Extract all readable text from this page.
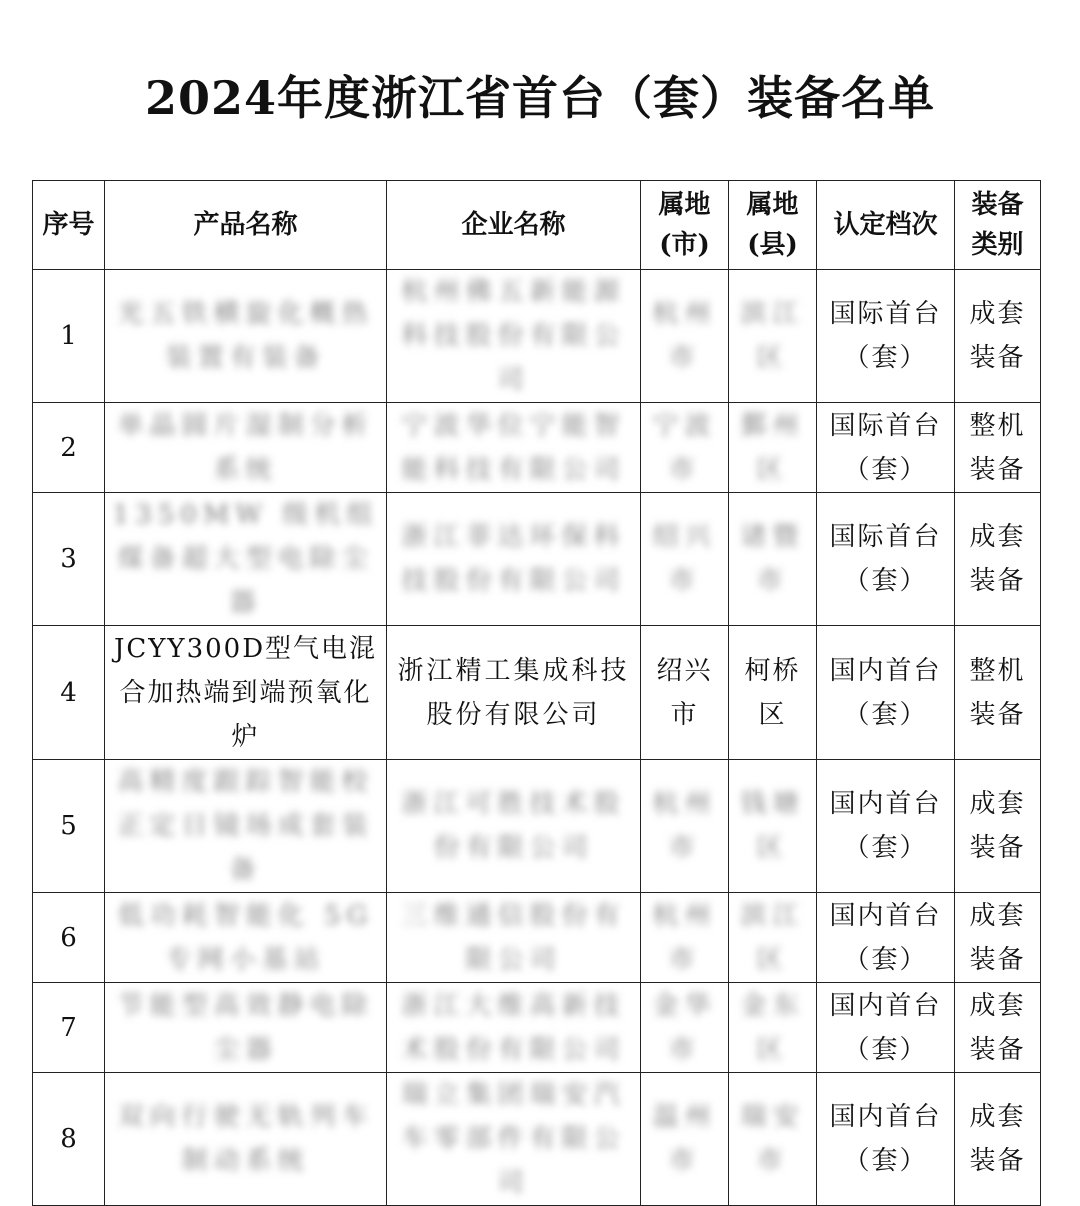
2024年度浙江省首台（套）装备名单
序号	产品名称	企业名称	属地(市)	属地(县)	认定档次	装备类别
1	光五铁横旋化概热装置有装备	杭州佛五新能源科技股份有限公司	杭州市	滨江区	国际首台（套）	成套装备
2	单晶圆片湿制分析系统	宁波华位宁能智能科技有限公司	宁波市	鄞州区	国际首台（套）	整机装备
3	1350MW 级机组煤备超大型电除尘器	浙江菲达环保科技股份有限公司	绍兴市	诸暨市	国际首台（套）	成套装备
4	JCYY300D型气电混合加热端到端预氧化炉	浙江精工集成科技股份有限公司	绍兴市	柯桥区	国内首台（套）	整机装备
5	高精度跟踪智能校正定日镜场成套装备	浙江可胜技术股份有限公司	杭州市	钱塘区	国内首台（套）	成套装备
6	低功耗智能化 5G 专网小基站	三维通信股份有限公司	杭州市	滨江区	国内首台（套）	成套装备
7	节能型高效静电除尘器	浙江大维高新技术股份有限公司	金华市	金东区	国内首台（套）	成套装备
8	双向行驶无轨列车制动系统	瑞立集团瑞安汽车零部件有限公司	温州市	瑞安市	国内首台（套）	成套装备
